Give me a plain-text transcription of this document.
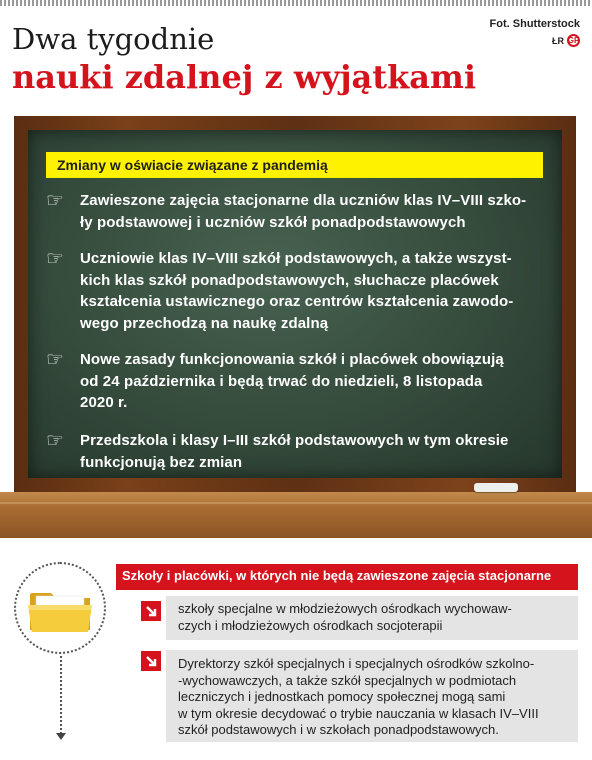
Dwa tygodnie
nauki zdalnej z wyjątkami
Fot. Shutterstock
ŁR GP
Zmiany w oświacie związane z pandemią
☞	Zawieszone zajęcia stacjonarne dla uczniów klas IV–VIII szko-
ły podstawowej i uczniów szkół ponadpodstawowych
☞	Uczniowie klas IV–VIII szkół podstawowych, a także wszyst-
kich klas szkół ponadpodstawowych, słuchacze placówek
kształcenia ustawicznego oraz centrów kształcenia zawodo-
wego przechodzą na naukę zdalną
☞	Nowe zasady funkcjonowania szkół i placówek obowiązują
od 24 października i będą trwać do niedzieli, 8 listopada
2020 r.
☞	Przedszkola i klasy I–III szkół podstawowych w tym okresie
funkcjonują bez zmian
Szkoły i placówki, w których nie będą zawieszone zajęcia stacjonarne
szkoły specjalne w młodzieżowych ośrodkach wychowaw-
czych i młodzieżowych ośrodkach socjoterapii
Dyrektorzy szkół specjalnych i specjalnych ośrodków szkolno-
-wychowawczych, a także szkół specjalnych w podmiotach
leczniczych i jednostkach pomocy społecznej mogą sami
w tym okresie decydować o trybie nauczania w klasach IV–VIII
szkół podstawowych i w szkołach ponadpodstawowych.
